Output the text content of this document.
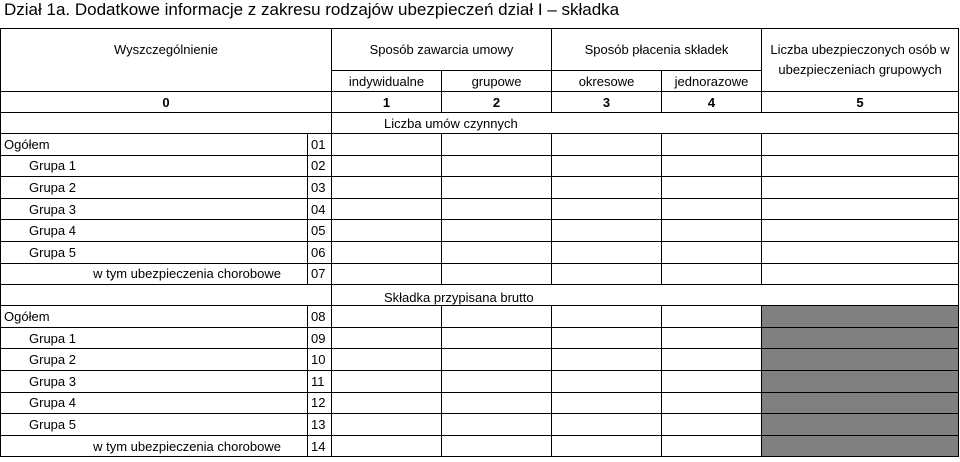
Dział 1a. Dodatkowe informacje z zakresu rodzajów ubezpieczeń dział I – składka
Wyszczególnienie		Sposób zawarcia umowy		Sposób płacenia składek		Liczba ubezpieczonych osób w ubezpieczeniach grupowych

		indywidualne	grupowe	okresowe	jednorazowe	
0		1	2	3	4	5
		Liczba umów czynnych				
Ogółem	01					
Grupa 1	02					
Grupa 2	03					
Grupa 3	04					
Grupa 4	05					
Grupa 5	06					
w tym ubezpieczenia chorobowe	07					
		Składka przypisana brutto				
Ogółem	08					
Grupa 1	09					
Grupa 2	10					
Grupa 3	11					
Grupa 4	12					
Grupa 5	13					
w tym ubezpieczenia chorobowe	14					
